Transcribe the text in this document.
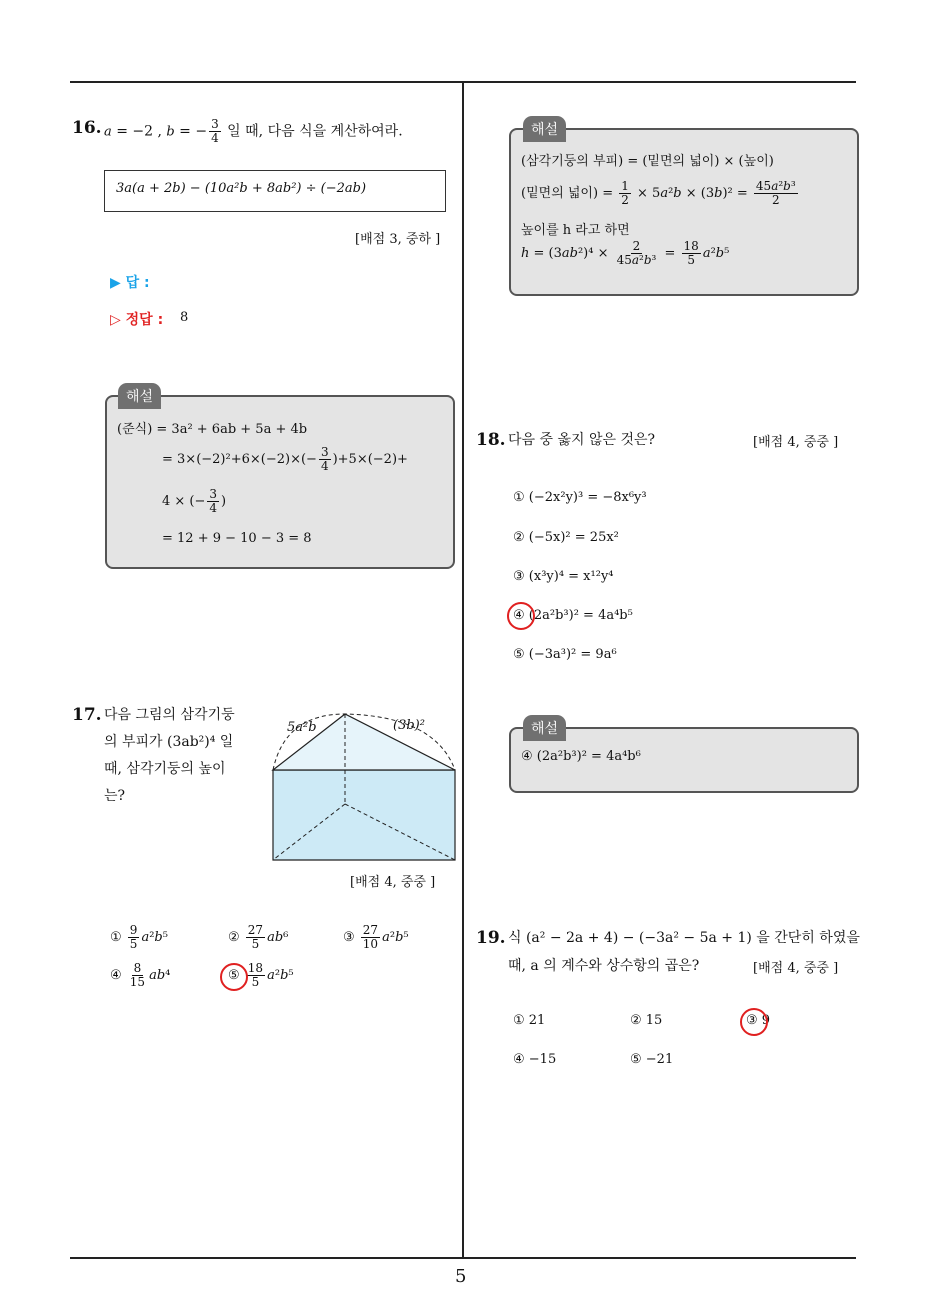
5
16. a = −2 , b = − $\frac{3}{4}$ 일 때, 다음 식을 계산하여라.
3a(a + 2b) − (10a²b + 8ab²) ÷ (−2ab)
[배점 3, 중하 ]
▶ 답 :
▷ 정답 : 8
해설
(준식) = 3a² + 6ab + 5a + 4b
= $3\times(-2)^2+6\times(-2)\times(- \frac{3}{4} )+5\times(-2)+$
4 × (− $\frac{3}{4}$ )
= 12 + 9 − 10 − 3 = 8
17. 다음 그림의 삼각기둥
의 부피가 (3ab²)⁴ 일
때, 삼각기둥의 높이
는?
5a²b	(3b)²
[배점 4, 중중 ]
① $\frac{9}{5} a^2b^5$	② $\frac{27}{5} ab^6$	③ $\frac{27}{10} a^2b^5$
④ $\frac{8}{15} ab^4$	⑤ $\frac{18}{5} a^2b^5$
해설
(삼각기둥의 부피) = (밑면의 넓이) × (높이)
(밑면의 넓이) = $\frac{1}{2} \times 5a^2b \times (3b)^2 = \frac{\text{45a²b³}}{2}$
높이를 h 라고 하면
$h = (3ab^2)^4 \times \frac{2}{\text{45a²b³}} = \frac{18}{5} a^2b^5$
18. 다음 중 옳지 않은 것은?	[배점 4, 중중 ]
① (−2x²y)³ = −8x⁶y³
② (−5x)² = 25x²
③ (x³y)⁴ = x¹²y⁴
④ (2a²b³)² = 4a⁴b⁵
⑤ (−3a³)² = 9a⁶
해설
④ (2a²b³)² = 4a⁴b⁶
19. 식 (a² − 2a + 4) − (−3a² − 5a + 1) 을 간단히 하였을
때, a 의 계수와 상수항의 곱은?	[배점 4, 중중 ]
① 21	② 15	③ 9
④ −15	⑤ −21
